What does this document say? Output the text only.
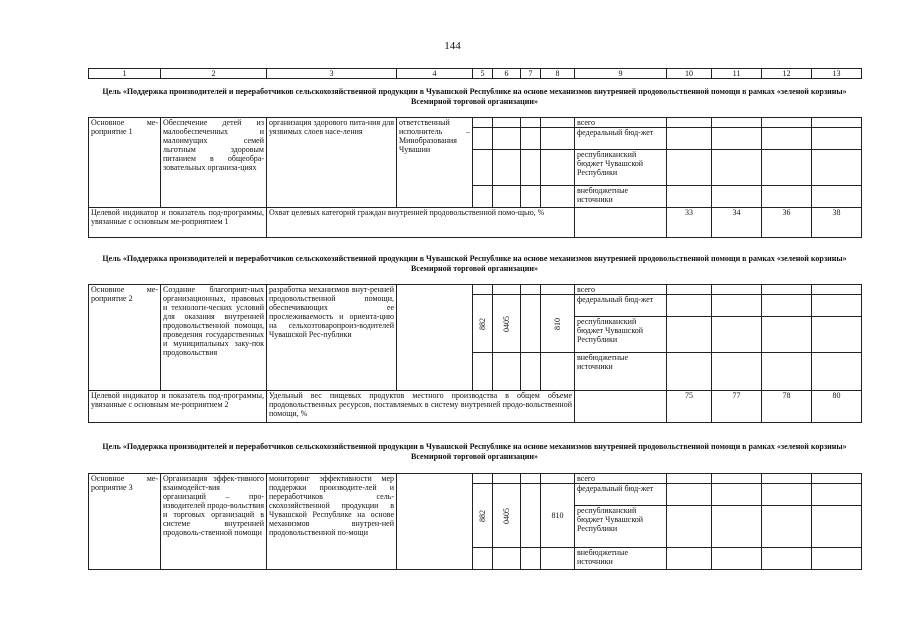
144
1	2	3	4	5	6	7	8	9	10	11	12	13
Цель «Поддержка производителей и переработчиков сельскохозяйственной продукции в Чувашской Республике на основе механизмов внутренней продовольственной помощи в рамках «зеленой корзины» Всемирной торговой организации»
Основное ме-роприятие 1	Обеспечение детей из малообеспеченных и малоимущих семей льготным здоровым питанием в общеобра-зовательных организа-циях	организация здорового пита-ния для уязвимых слоев насе-ления	ответственный исполнитель – Минобразования Чувашии					всего				
								федеральный бюд-жет				
								республиканский бюджет Чувашской Республики				
								внебюджетные источники				
Целевой индикатор и показатель под-программы, увязанные с основным ме-роприятием 1		Охват целевых категорий граждан внутренней продовольственной помо-щью, %							33	34	36	38
Цель «Поддержка производителей и переработчиков сельскохозяйственной продукции в Чувашской Республике на основе механизмов внутренней продовольственной помощи в рамках «зеленой корзины» Всемирной торговой организации»
Основное ме-роприятие 2	Создание благоприят-ных организационных, правовых и технологи-ческих условий для оказания внутренней продовольственной помощи, проведения государственных и муниципальных заку-пок продовольствия	разработка механизмов внут-ренней продовольственной помощи, обеспечивающих ее прослеживаемость и ориента-цию на сельхозтоваропроиз-водителей Чувашской Рес-публики						всего				

				882	0405		810	федеральный бюд-жет				
								республиканский бюджет Чувашской Республики				
								внебюджетные источники				
Целевой индикатор и показатель под-программы, увязанные с основным ме-роприятием 2		Удельный вес пищевых продуктов местного производства в общем объеме продовольственных ресурсов, поставляемых в систему внутренней продо-вольственной помощи, %							75	77	78	80
Цель «Поддержка производителей и переработчиков сельскохозяйственной продукции в Чувашской Республике на основе механизмов внутренней продовольственной помощи в рамках «зеленой корзины» Всемирной торговой организации»
Основное ме-роприятие 3	Организация эффек-тивного взаимодейст-вия организаций – про-изводителей продо-вольствия и торговых организаций в системе внутренней продоволь-ственной помощи	мониторинг эффективности мер поддержки производите-лей и переработчиков сель-скохозяйственной продукции в Чувашской Республике на основе механизмов внутрен-ней продовольственной по-мощи						всего				

				882	0405		810	федеральный бюд-жет				
								республиканский бюджет Чувашской Республики				
								внебюджетные источники				
